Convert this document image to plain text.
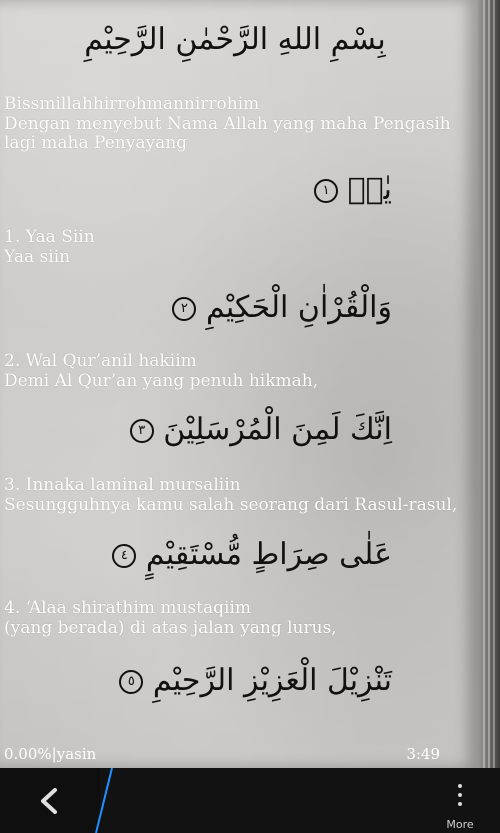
بِسْمِ اللهِ الرَّحْمٰنِ الرَّحِيْمِ
Bissmillahhirrohmannirrohim
Dengan menyebut Nama Allah yang maha Pengasih lagi maha Penyayang
يٰسۤ ١
1. Yaa Siin
Yaa siin
وَالْقُرْاٰنِ الْحَكِيْمِ ٢
2. Wal Qur’anil hakiim
Demi Al Qur’an yang penuh hikmah,
اِنَّكَ لَمِنَ الْمُرْسَلِيْنَ ٣
3. Innaka laminal mursaliin
Sesungguhnya kamu salah seorang dari Rasul-rasul,
عَلٰى صِرَاطٍ مُّسْتَقِيْمٍ ٤
4. ‘Alaa shirathim mustaqiim
(yang berada) di atas jalan yang lurus,
تَنْزِيْلَ الْعَزِيْزِ الرَّحِيْمِ ٥
0.00%|yasin	3:49
More
